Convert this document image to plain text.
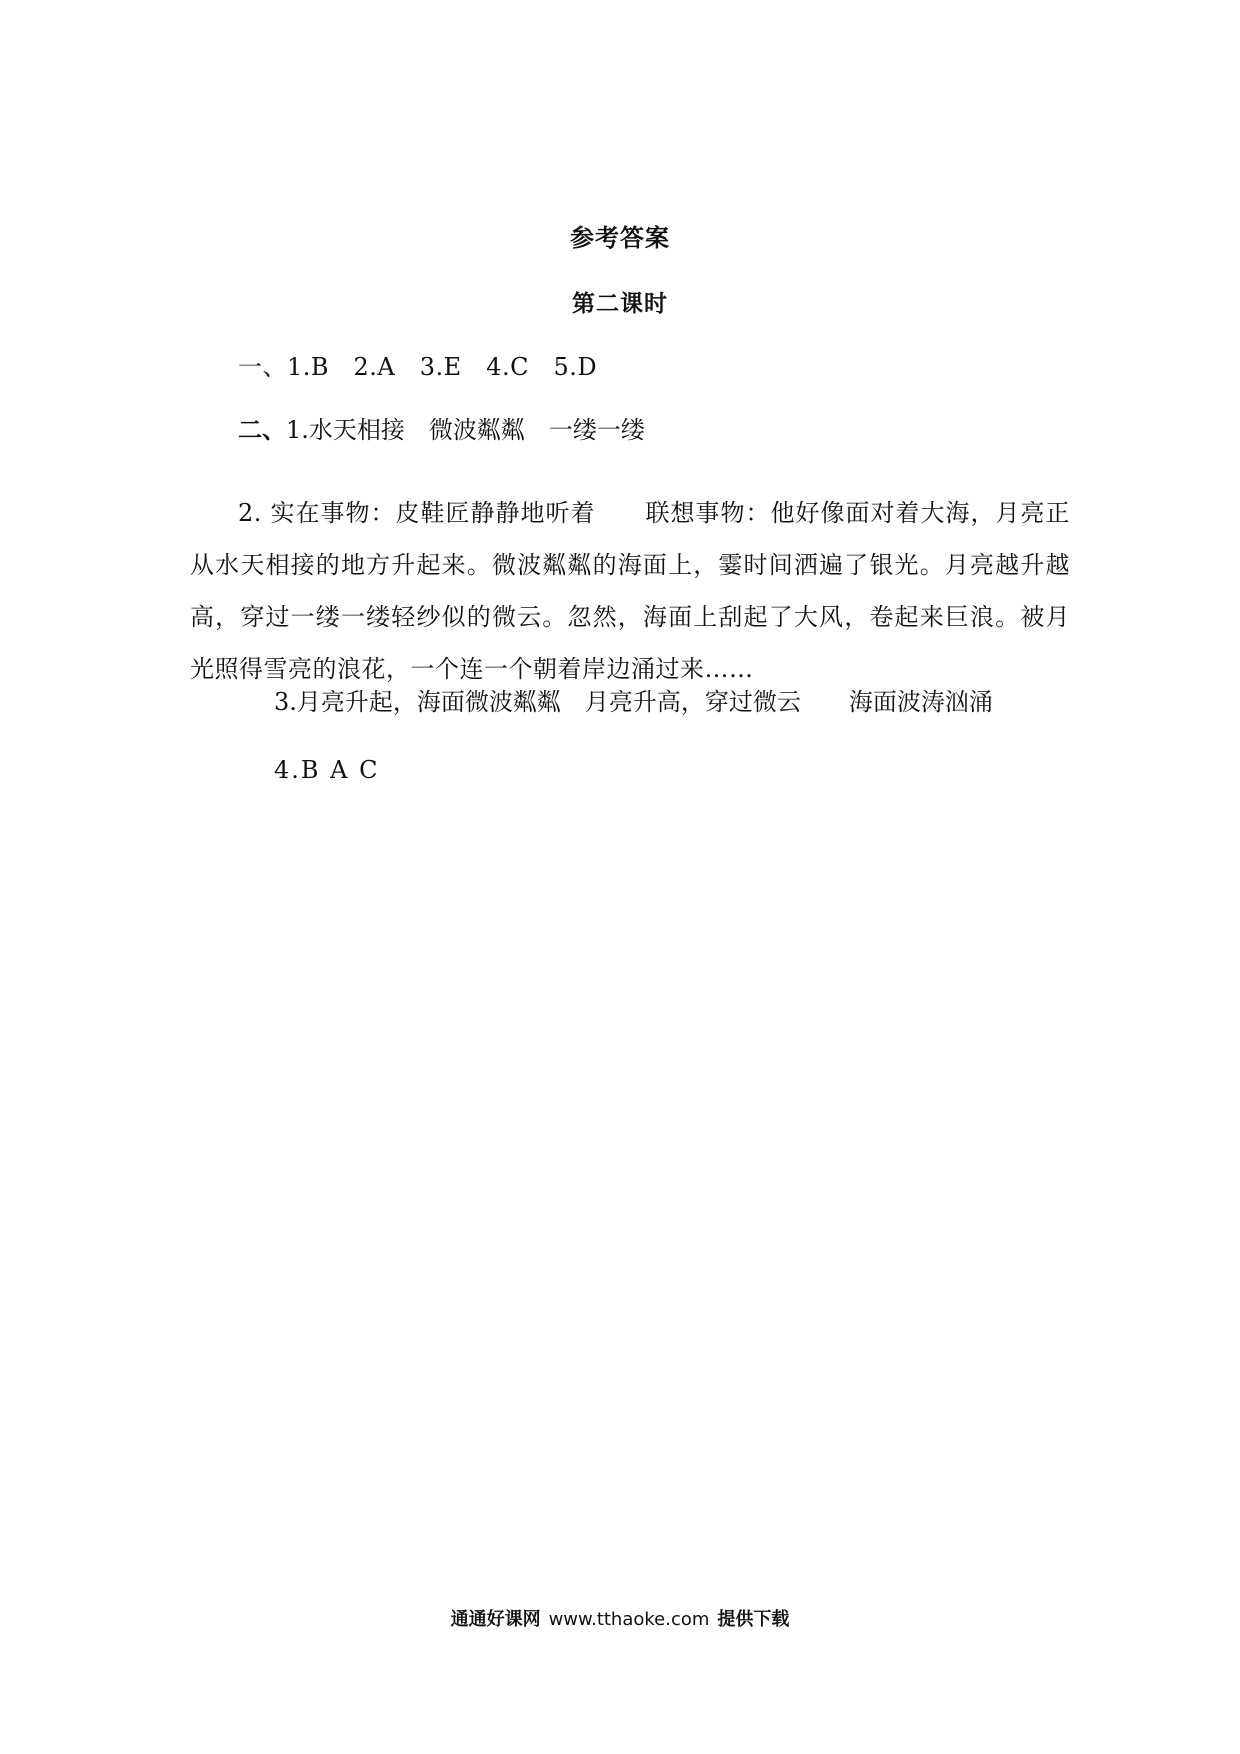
参考答案
第二课时
一、1.B　2.A　3.E　4.C　5.D
二、1.水天相接　微波粼粼　一缕一缕
2. 实在事物：皮鞋匠静静地听着　　联想事物：他好像面对着大海，月亮正从水天相接的地方升起来。微波粼粼的海面上，霎时间洒遍了银光。月亮越升越高，穿过一缕一缕轻纱似的微云。忽然，海面上刮起了大风，卷起来巨浪。被月光照得雪亮的浪花，一个连一个朝着岸边涌过来……
3.月亮升起，海面微波粼粼　月亮升高，穿过微云　　海面波涛汹涌
4.B A C
通通好课网 www.tthaoke.com 提供下载
